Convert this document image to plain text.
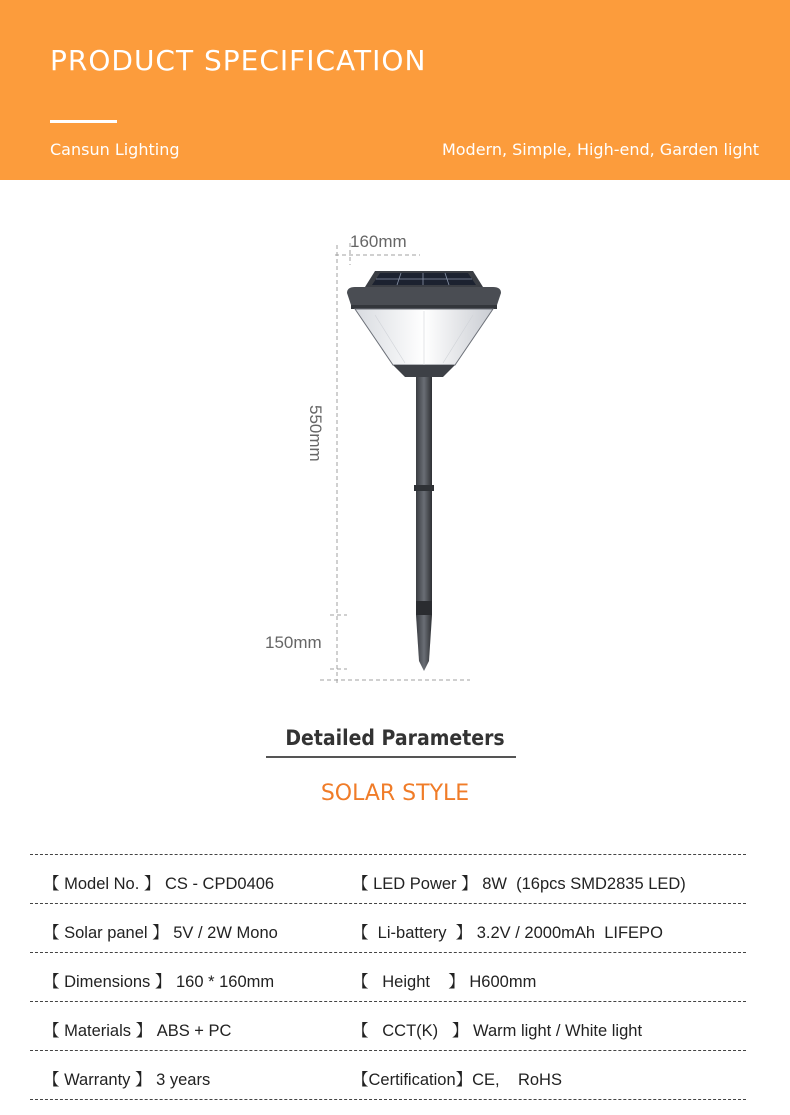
PRODUCT SPECIFICATION
Cansun Lighting	Modern, Simple, High-end, Garden light
160mm
550mm
150mm
Detailed Parameters
SOLAR STYLE
【 Model No. 】 CS - CPD0406	【 LED Power 】 8W  (16pcs SMD2835 LED)
【 Solar panel 】 5V / 2W Mono	【  Li-battery  】 3.2V / 2000mAh  LIFEPO
【 Dimensions 】 160 * 160mm	【   Height    】 H600mm
【 Materials 】 ABS + PC	【   CCT(K)   】 Warm light / White light
【 Warranty 】 3 years	【Certification】CE,    RoHS
